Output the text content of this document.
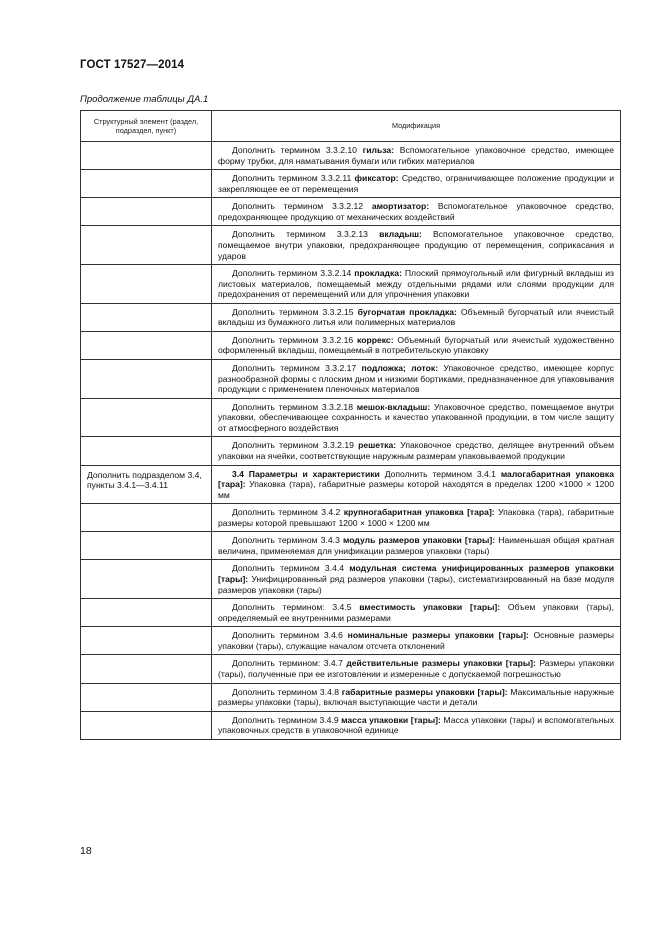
ГОСТ 17527—2014
Продолжение таблицы ДА.1
Структурный элемент (раздел, подраздел, пункт)	Модификация

	Дополнить термином 3.3.2.10 гильза: Вспомогательное упаковочное средство, имеющее форму трубки, для наматывания бумаги или гибких материалов

	Дополнить термином 3.3.2.11 фиксатор: Средство, ограничивающее положение продукции и закрепляющее ее от перемещения

	Дополнить термином 3.3.2.12 амортизатор: Вспомогательное упаковочное средство, предохраняющее продукцию от механических воздействий

	Дополнить термином 3.3.2.13 вкладыш: Вспомогательное упаковочное средство, помещаемое внутри упаковки, предохраняющее продукцию от перемещения, соприкасания и ударов

	Дополнить термином 3.3.2.14 прокладка: Плоский прямоугольный или фигурный вкладыш из листовых материалов, помещаемый между отдельными рядами или слоями продукции для предохранения от перемещений или для упрочнения упаковки

	Дополнить термином 3.3.2.15 бугорчатая прокладка: Объемный бугорчатый или ячеистый вкладыш из бумажного литья или полимерных материалов

	Дополнить термином 3.3.2.16 коррекс: Объемный бугорчатый или ячеистый художественно оформленный вкладыш, помещаемый в потребительскую упаковку

	Дополнить термином 3.3.2.17 подложка; лоток: Упаковочное средство, имеющее корпус разнообразной формы с плоским дном и низкими бортиками, предназначенное для упаковывания продукции с применением пленочных материалов

	Дополнить термином 3.3.2.18 мешок-вкладыш: Упаковочное средство, помещаемое внутри упаковки, обеспечивающее сохранность и качество упакованной продукции, в том числе защиту от атмосферного воздействия

	Дополнить термином 3.3.2.19 решетка: Упаковочное средство, делящее внутренний объем упаковки на ячейки, соответствующие наружным размерам упаковываемой продукции

Дополнить подразделом 3.4, пункты 3.4.1—3.4.11	3.4 Параметры и характеристики Дополнить термином 3.4.1 малогабаритная упаковка [тара]: Упаковка (тара), габаритные размеры которой находятся в пределах 1200 ×1000 × 1200 мм

	Дополнить термином 3.4.2 крупногабаритная упаковка [тара]: Упаковка (тара), габаритные размеры которой превышают 1200 × 1000 × 1200 мм

	Дополнить термином 3.4.3 модуль размеров упаковки [тары]: Наименьшая общая кратная величина, применяемая для унификации размеров упаковки (тары)

	Дополнить термином 3.4.4 модульная система унифицированных размеров упаковки [тары]: Унифицированный ряд размеров упаковки (тары), систематизированный на базе модуля размеров упаковки (тары)

	Дополнить термином: 3.4.5 вместимость упаковки [тары]: Объем упаковки (тары), определяемый ее внутренними размерами

	Дополнить термином 3.4.6 номинальные размеры упаковки [тары]: Основные размеры упаковки (тары), служащие началом отсчета отклонений

	Дополнить термином: 3.4.7 действительные размеры упаковки [тары]: Размеры упаковки (тары), полученные при ее изготовлении и измеренные с допускаемой погрешностью

	Дополнить термином 3.4.8 габаритные размеры упаковки [тары]: Максимальные наружные размеры упаковки (тары), включая выступающие части и детали

	Дополнить термином 3.4.9 масса упаковки [тары]: Масса упаковки (тары) и вспомогательных упаковочных средств в упаковочной единице
18
